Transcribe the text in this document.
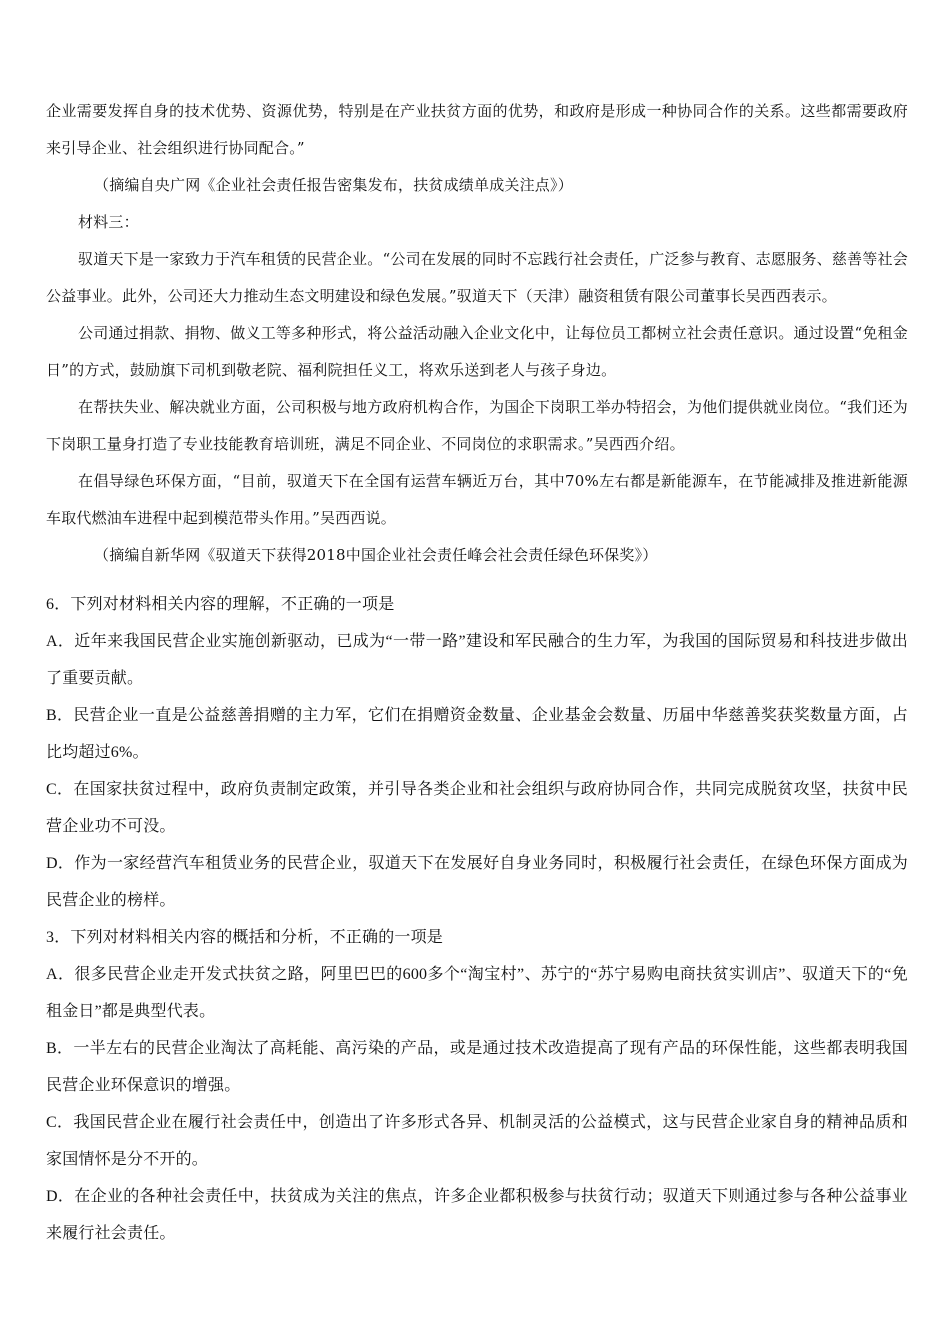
企业需要发挥自身的技术优势、资源优势，特别是在产业扶贫方面的优势，和政府是形成一种协同合作的关系。这些都需要政府来引导企业、社会组织进行协同配合。”
（摘编自央广网《企业社会责任报告密集发布，扶贫成绩单成关注点》）
材料三：
驭道天下是一家致力于汽车租赁的民营企业。“公司在发展的同时不忘践行社会责任，广泛参与教育、志愿服务、慈善等社会公益事业。此外，公司还大力推动生态文明建设和绿色发展。”驭道天下（天津）融资租赁有限公司董事长吴西西表示。
公司通过捐款、捐物、做义工等多种形式，将公益活动融入企业文化中，让每位员工都树立社会责任意识。通过设置“免租金日”的方式，鼓励旗下司机到敬老院、福利院担任义工，将欢乐送到老人与孩子身边。
在帮扶失业、解决就业方面，公司积极与地方政府机构合作，为国企下岗职工举办特招会，为他们提供就业岗位。“我们还为下岗职工量身打造了专业技能教育培训班，满足不同企业、不同岗位的求职需求。”吴西西介绍。
在倡导绿色环保方面，“目前，驭道天下在全国有运营车辆近万台，其中70%左右都是新能源车，在节能减排及推进新能源车取代燃油车进程中起到模范带头作用。”吴西西说。
（摘编自新华网《驭道天下获得2018中国企业社会责任峰会社会责任绿色环保奖》）
6．下列对材料相关内容的理解，不正确的一项是
A．近年来我国民营企业实施创新驱动，已成为“一带一路”建设和军民融合的生力军，为我国的国际贸易和科技进步做出了重要贡献。
B．民营企业一直是公益慈善捐赠的主力军，它们在捐赠资金数量、企业基金会数量、历届中华慈善奖获奖数量方面，占比均超过6%。
C．在国家扶贫过程中，政府负责制定政策，并引导各类企业和社会组织与政府协同合作，共同完成脱贫攻坚，扶贫中民营企业功不可没。
D．作为一家经营汽车租赁业务的民营企业，驭道天下在发展好自身业务同时，积极履行社会责任，在绿色环保方面成为民营企业的榜样。
3．下列对材料相关内容的概括和分析，不正确的一项是
A．很多民营企业走开发式扶贫之路，阿里巴巴的600多个“淘宝村”、苏宁的“苏宁易购电商扶贫实训店”、驭道天下的“免租金日”都是典型代表。
B．一半左右的民营企业淘汰了高耗能、高污染的产品，或是通过技术改造提高了现有产品的环保性能，这些都表明我国民营企业环保意识的增强。
C．我国民营企业在履行社会责任中，创造出了许多形式各异、机制灵活的公益模式，这与民营企业家自身的精神品质和家国情怀是分不开的。
D．在企业的各种社会责任中，扶贫成为关注的焦点，许多企业都积极参与扶贫行动；驭道天下则通过参与各种公益事业来履行社会责任。
